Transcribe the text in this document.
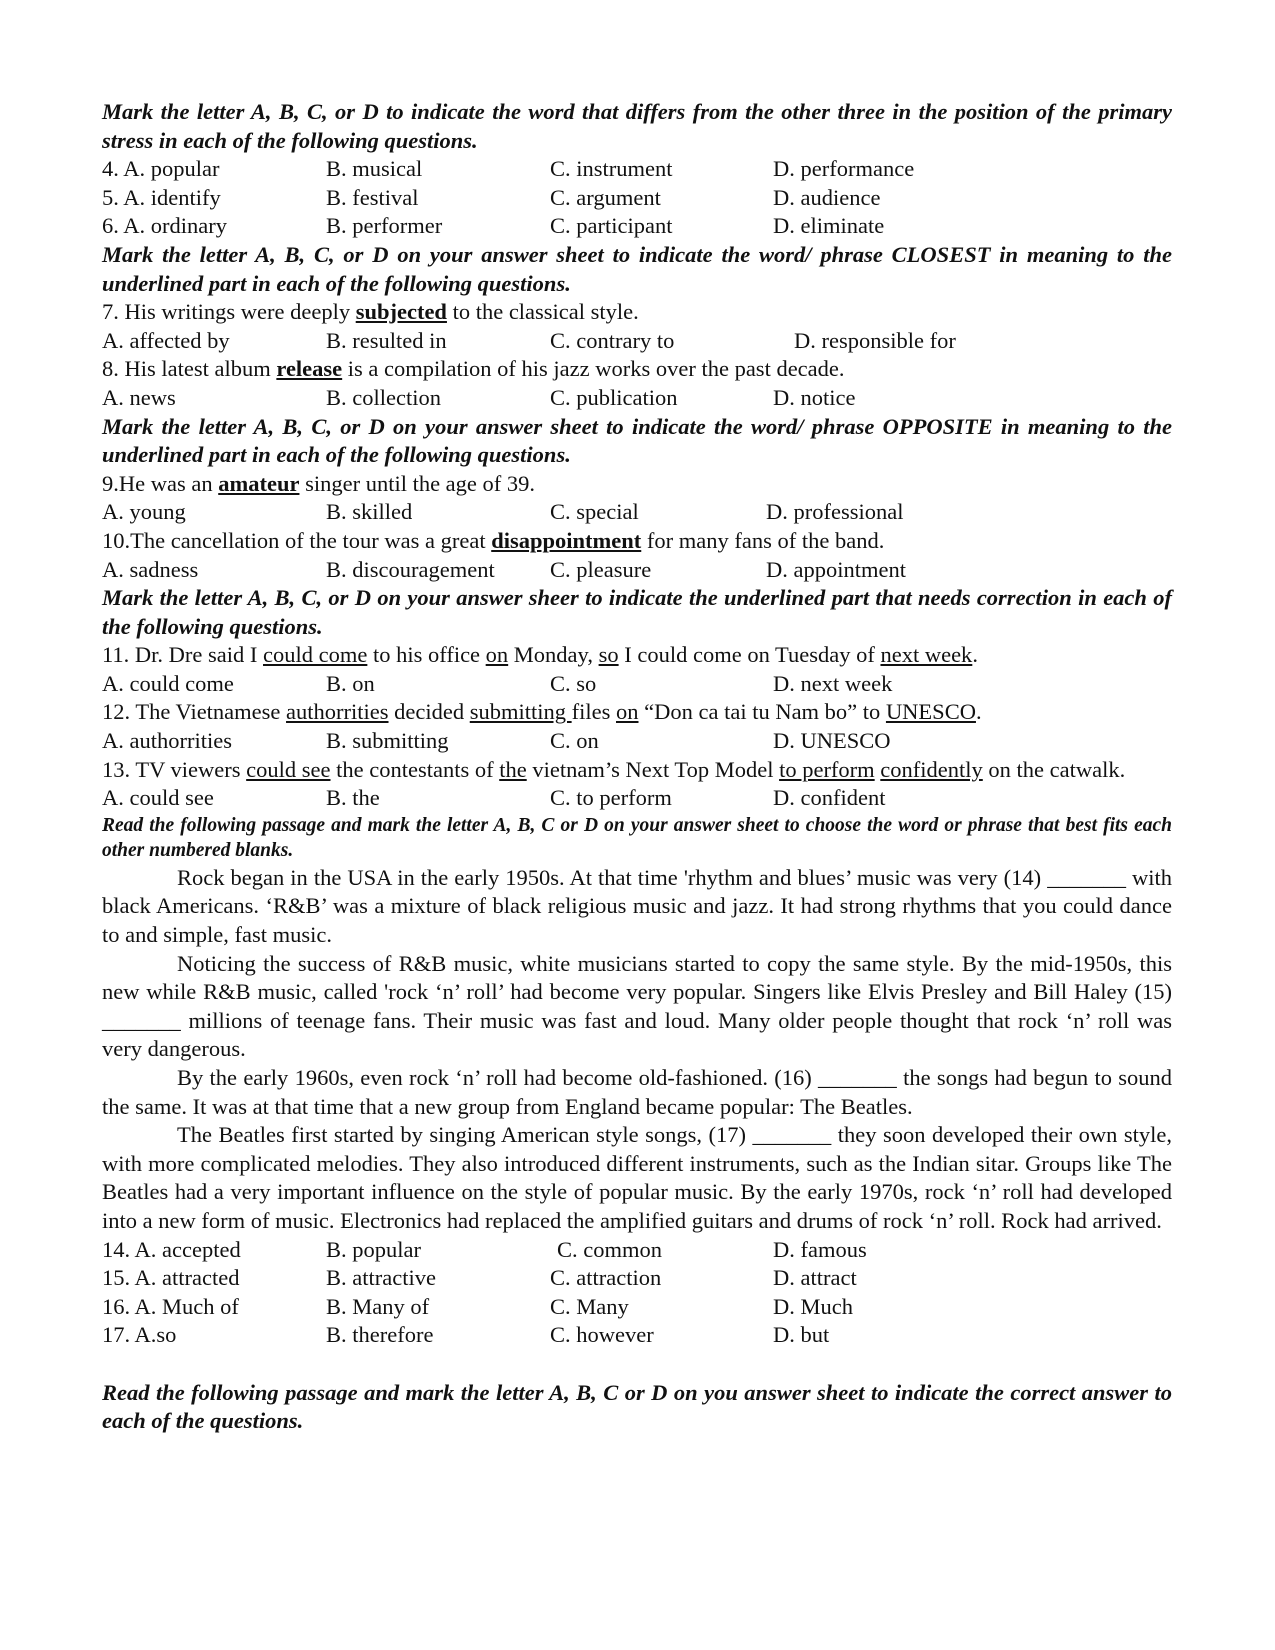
Mark the letter A, B, C, or D to indicate the word that differs from the other three in the position of the primary stress in each of the following questions.
4. A. popular	B. musical	C. instrument	D. performance
5. A. identify	B. festival	C. argument	D. audience
6. A. ordinary	B. performer	C. participant	D. eliminate
Mark the letter A, B, C, or D on your answer sheet to indicate the word/ phrase CLOSEST in meaning to the underlined part in each of the following questions.
7. His writings were deeply subjected to the classical style.
A. affected by	B. resulted in	C. contrary to	D. responsible for
8. His latest album release is a compilation of his jazz works over the past decade.
A. news	B. collection	C. publication	D. notice
Mark the letter A, B, C, or D on your answer sheet to indicate the word/ phrase OPPOSITE in meaning to the underlined part in each of the following questions.
9.He was an amateur singer until the age of 39.
A. young	B. skilled	C. special	D. professional
10.The cancellation of the tour was a great disappointment for many fans of the band.
A. sadness	B. discouragement C. pleasure	D. appointment
Mark the letter A, B, C, or D on your answer sheer to indicate the underlined part that needs correction in each of the following questions.
11. Dr. Dre said I could come to his office on Monday, so I could come on Tuesday of next week.
A. could come	B. on	C. so	D. next week
12. The Vietnamese authorrities decided submitting files on “Don ca tai tu Nam bo” to UNESCO.
A. authorrities	B. submitting	C. on	D. UNESCO
13. TV viewers could see the contestants of the vietnam’s Next Top Model to perform confidently on the catwalk.
A. could see	B. the	C. to perform	D. confident
Read the following passage and mark the letter A, B, C or D on your answer sheet to choose the word or phrase that best fits each other numbered blanks.
Rock began in the USA in the early 1950s. At that time 'rhythm and blues’ music was very (14) _______ with black Americans. ‘R&B’ was a mixture of black religious music and jazz. It had strong rhythms that you could dance to and simple, fast music.
Noticing the success of R&B music, white musicians started to copy the same style. By the mid-1950s, this new while R&B music, called 'rock ‘n’ roll’ had become very popular. Singers like Elvis Presley and Bill Haley (15) _______ millions of teenage fans. Their music was fast and loud. Many older people thought that rock ‘n’ roll was very dangerous.
By the early 1960s, even rock ‘n’ roll had become old-fashioned. (16) _______ the songs had begun to sound the same. It was at that time that a new group from England became popular: The Beatles.
The Beatles first started by singing American style songs, (17) _______ they soon developed their own style, with more complicated melodies. They also introduced different instruments, such as the Indian sitar. Groups like The Beatles had a very important influence on the style of popular music. By the early 1970s, rock ‘n’ roll had developed into a new form of music. Electronics had replaced the amplified guitars and drums of rock ‘n’ roll. Rock had arrived.
14. A. accepted	B. popular	C. common	D. famous
15. A. attracted	B. attractive	C. attraction	D. attract
16. A. Much of	B. Many of	C. Many	D. Much
17. A.so	B. therefore	C. however	D. but
Read the following passage and mark the letter A, B, C or D on you answer sheet to indicate the correct answer to each of the questions.
